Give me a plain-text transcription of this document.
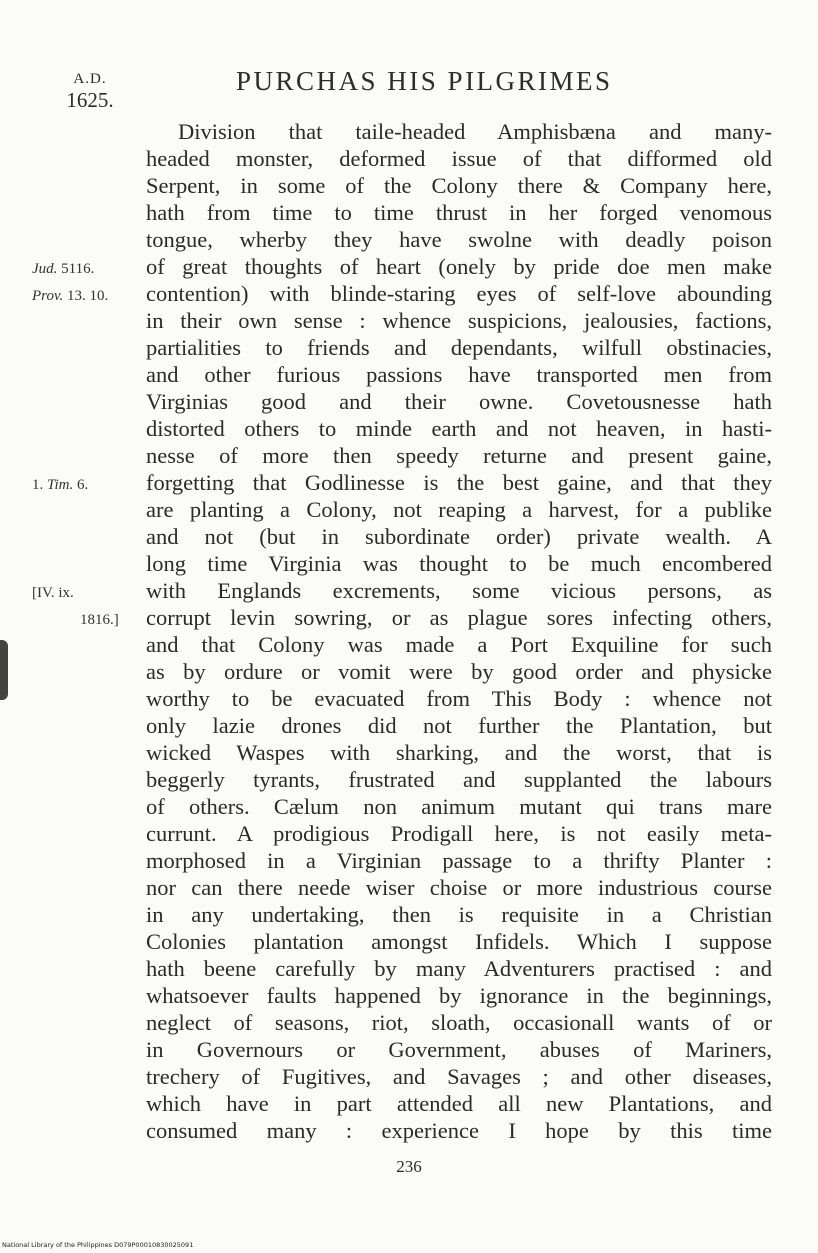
A.D.
1625.
PURCHAS HIS PILGRIMES
Jud. 5116.
Prov. 13. 10.
1. Tim. 6.
[IV. ix.
1816.]
Division that taile-headed Amphisbæna and many-
headed monster, deformed issue of that difformed old
Serpent, in some of the Colony there & Company here,
hath from time to time thrust in her forged venomous
tongue, wherby they have swolne with deadly poison
of great thoughts of heart (onely by pride doe men make
contention) with blinde-staring eyes of self-love abounding
in their own sense : whence suspicions, jealousies, factions,
partialities to friends and dependants, wilfull obstinacies,
and other furious passions have transported men from
Virginias good and their owne. Covetousnesse hath
distorted others to minde earth and not heaven, in hasti-
nesse of more then speedy returne and present gaine,
forgetting that Godlinesse is the best gaine, and that they
are planting a Colony, not reaping a harvest, for a publike
and not (but in subordinate order) private wealth. A
long time Virginia was thought to be much encombered
with Englands excrements, some vicious persons, as
corrupt levin sowring, or as plague sores infecting others,
and that Colony was made a Port Exquiline for such
as by ordure or vomit were by good order and physicke
worthy to be evacuated from This Body : whence not
only lazie drones did not further the Plantation, but
wicked Waspes with sharking, and the worst, that is
beggerly tyrants, frustrated and supplanted the labours
of others. Cælum non animum mutant qui trans mare
currunt. A prodigious Prodigall here, is not easily meta-
morphosed in a Virginian passage to a thrifty Planter :
nor can there neede wiser choise or more industrious course
in any undertaking, then is requisite in a Christian
Colonies plantation amongst Infidels. Which I suppose
hath beene carefully by many Adventurers practised : and
whatsoever faults happened by ignorance in the beginnings,
neglect of seasons, riot, sloath, occasionall wants of or
in Governours or Government, abuses of Mariners,
trechery of Fugitives, and Savages ; and other diseases,
which have in part attended all new Plantations, and
consumed many : experience I hope by this time
236
National Library of the Philippines D079P00010830025091
